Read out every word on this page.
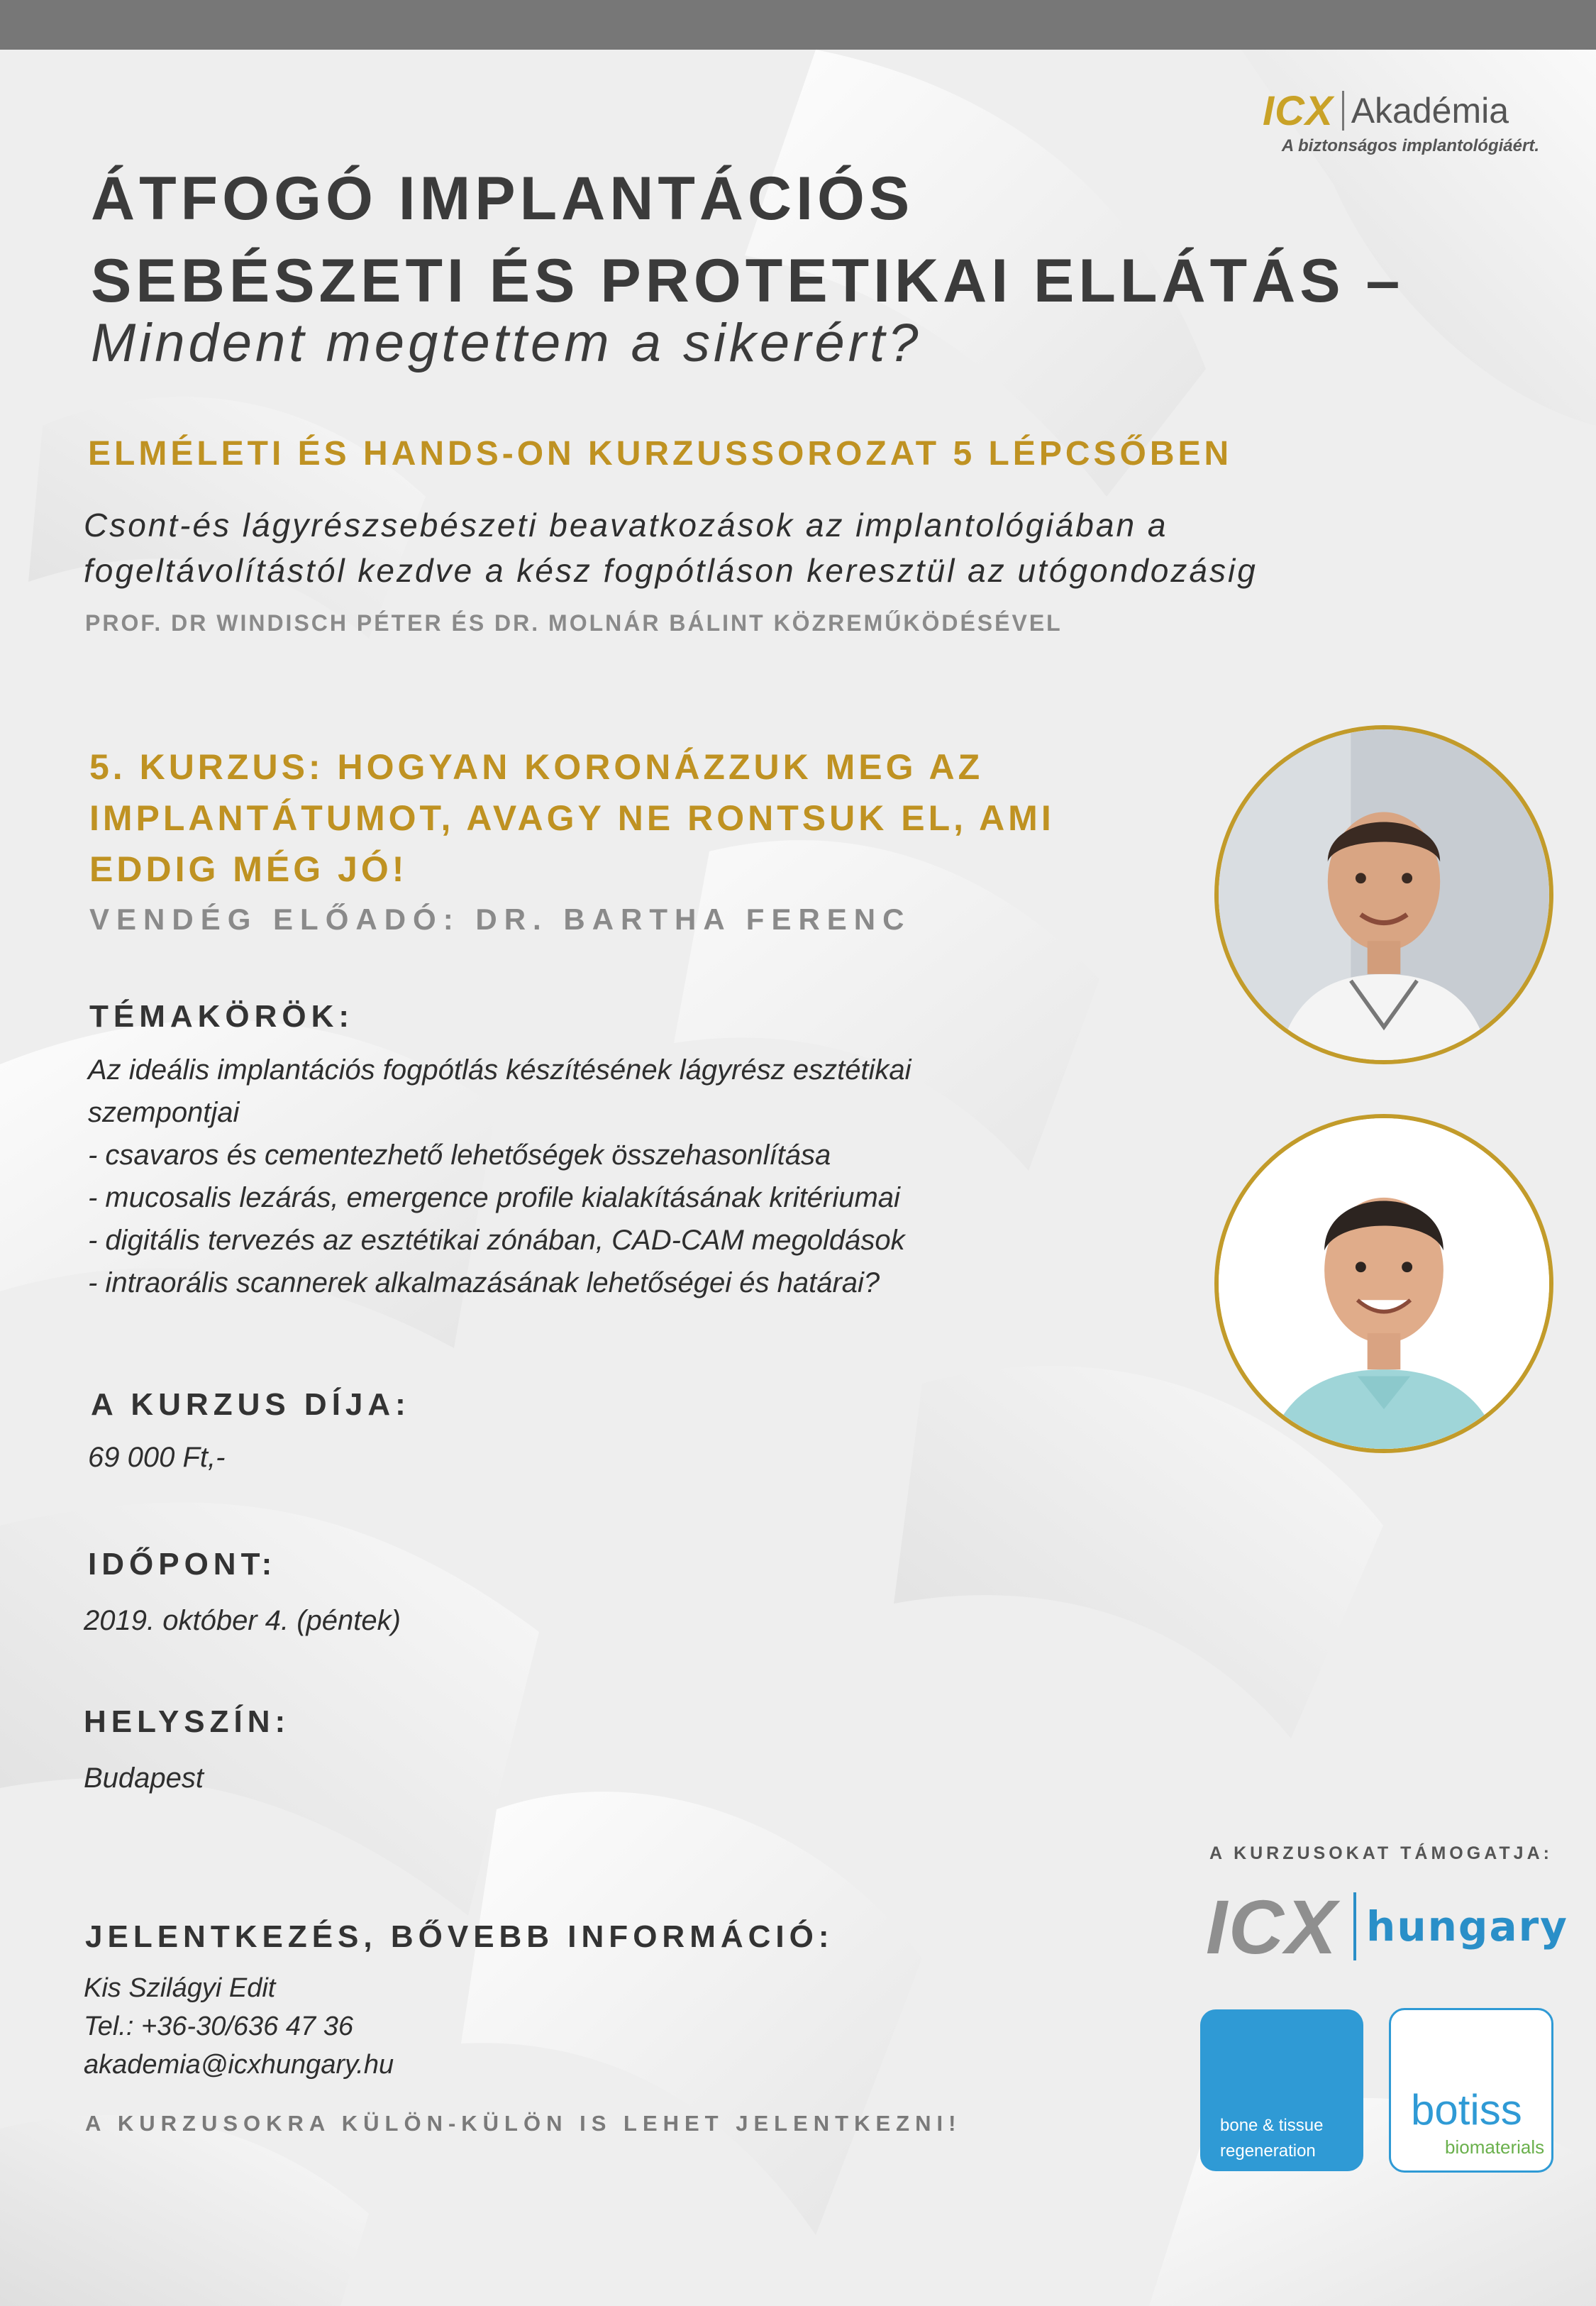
ICX Akadémia
A biztonságos implantológiáért.
ÁTFOGÓ IMPLANTÁCIÓS
SEBÉSZETI ÉS PROTETIKAI ELLÁTÁS –
Mindent megtettem a sikerért?
ELMÉLETI ÉS HANDS-ON KURZUSSOROZAT 5 LÉPCSŐBEN
Csont-és lágyrészsebészeti beavatkozások az implantológiában a
fogeltávolítástól kezdve a kész fogpótláson keresztül az utógondozásig
PROF. DR WINDISCH PÉTER ÉS DR. MOLNÁR BÁLINT KÖZREMŰKÖDÉSÉVEL
5. KURZUS: HOGYAN KORONÁZZUK MEG AZ
IMPLANTÁTUMOT, AVAGY NE RONTSUK EL, AMI
EDDIG MÉG JÓ!
VENDÉG ELŐADÓ: DR. BARTHA FERENC
TÉMAKÖRÖK:
Az ideális implantációs fogpótlás készítésének lágyrész esztétikai
szempontjai
- csavaros és cementezhető lehetőségek összehasonlítása
- mucosalis lezárás, emergence profile kialakításának kritériumai
- digitális tervezés az esztétikai zónában, CAD-CAM megoldások
- intraorális scannerek alkalmazásának lehetőségei és határai?
A KURZUS DÍJA:
69 000 Ft,-
IDŐPONT:
2019. október 4. (péntek)
HELYSZÍN:
Budapest
JELENTKEZÉS, BŐVEBB INFORMÁCIÓ:
Kis Szilágyi Edit
Tel.: +36-30/636 47 36
akademia@icxhungary.hu
A KURZUSOKRA KÜLÖN-KÜLÖN IS LEHET JELENTKEZNI!
A KURZUSOKAT TÁMOGATJA:
ICX hungary
bone & tissue
regeneration
botiss
biomaterials
